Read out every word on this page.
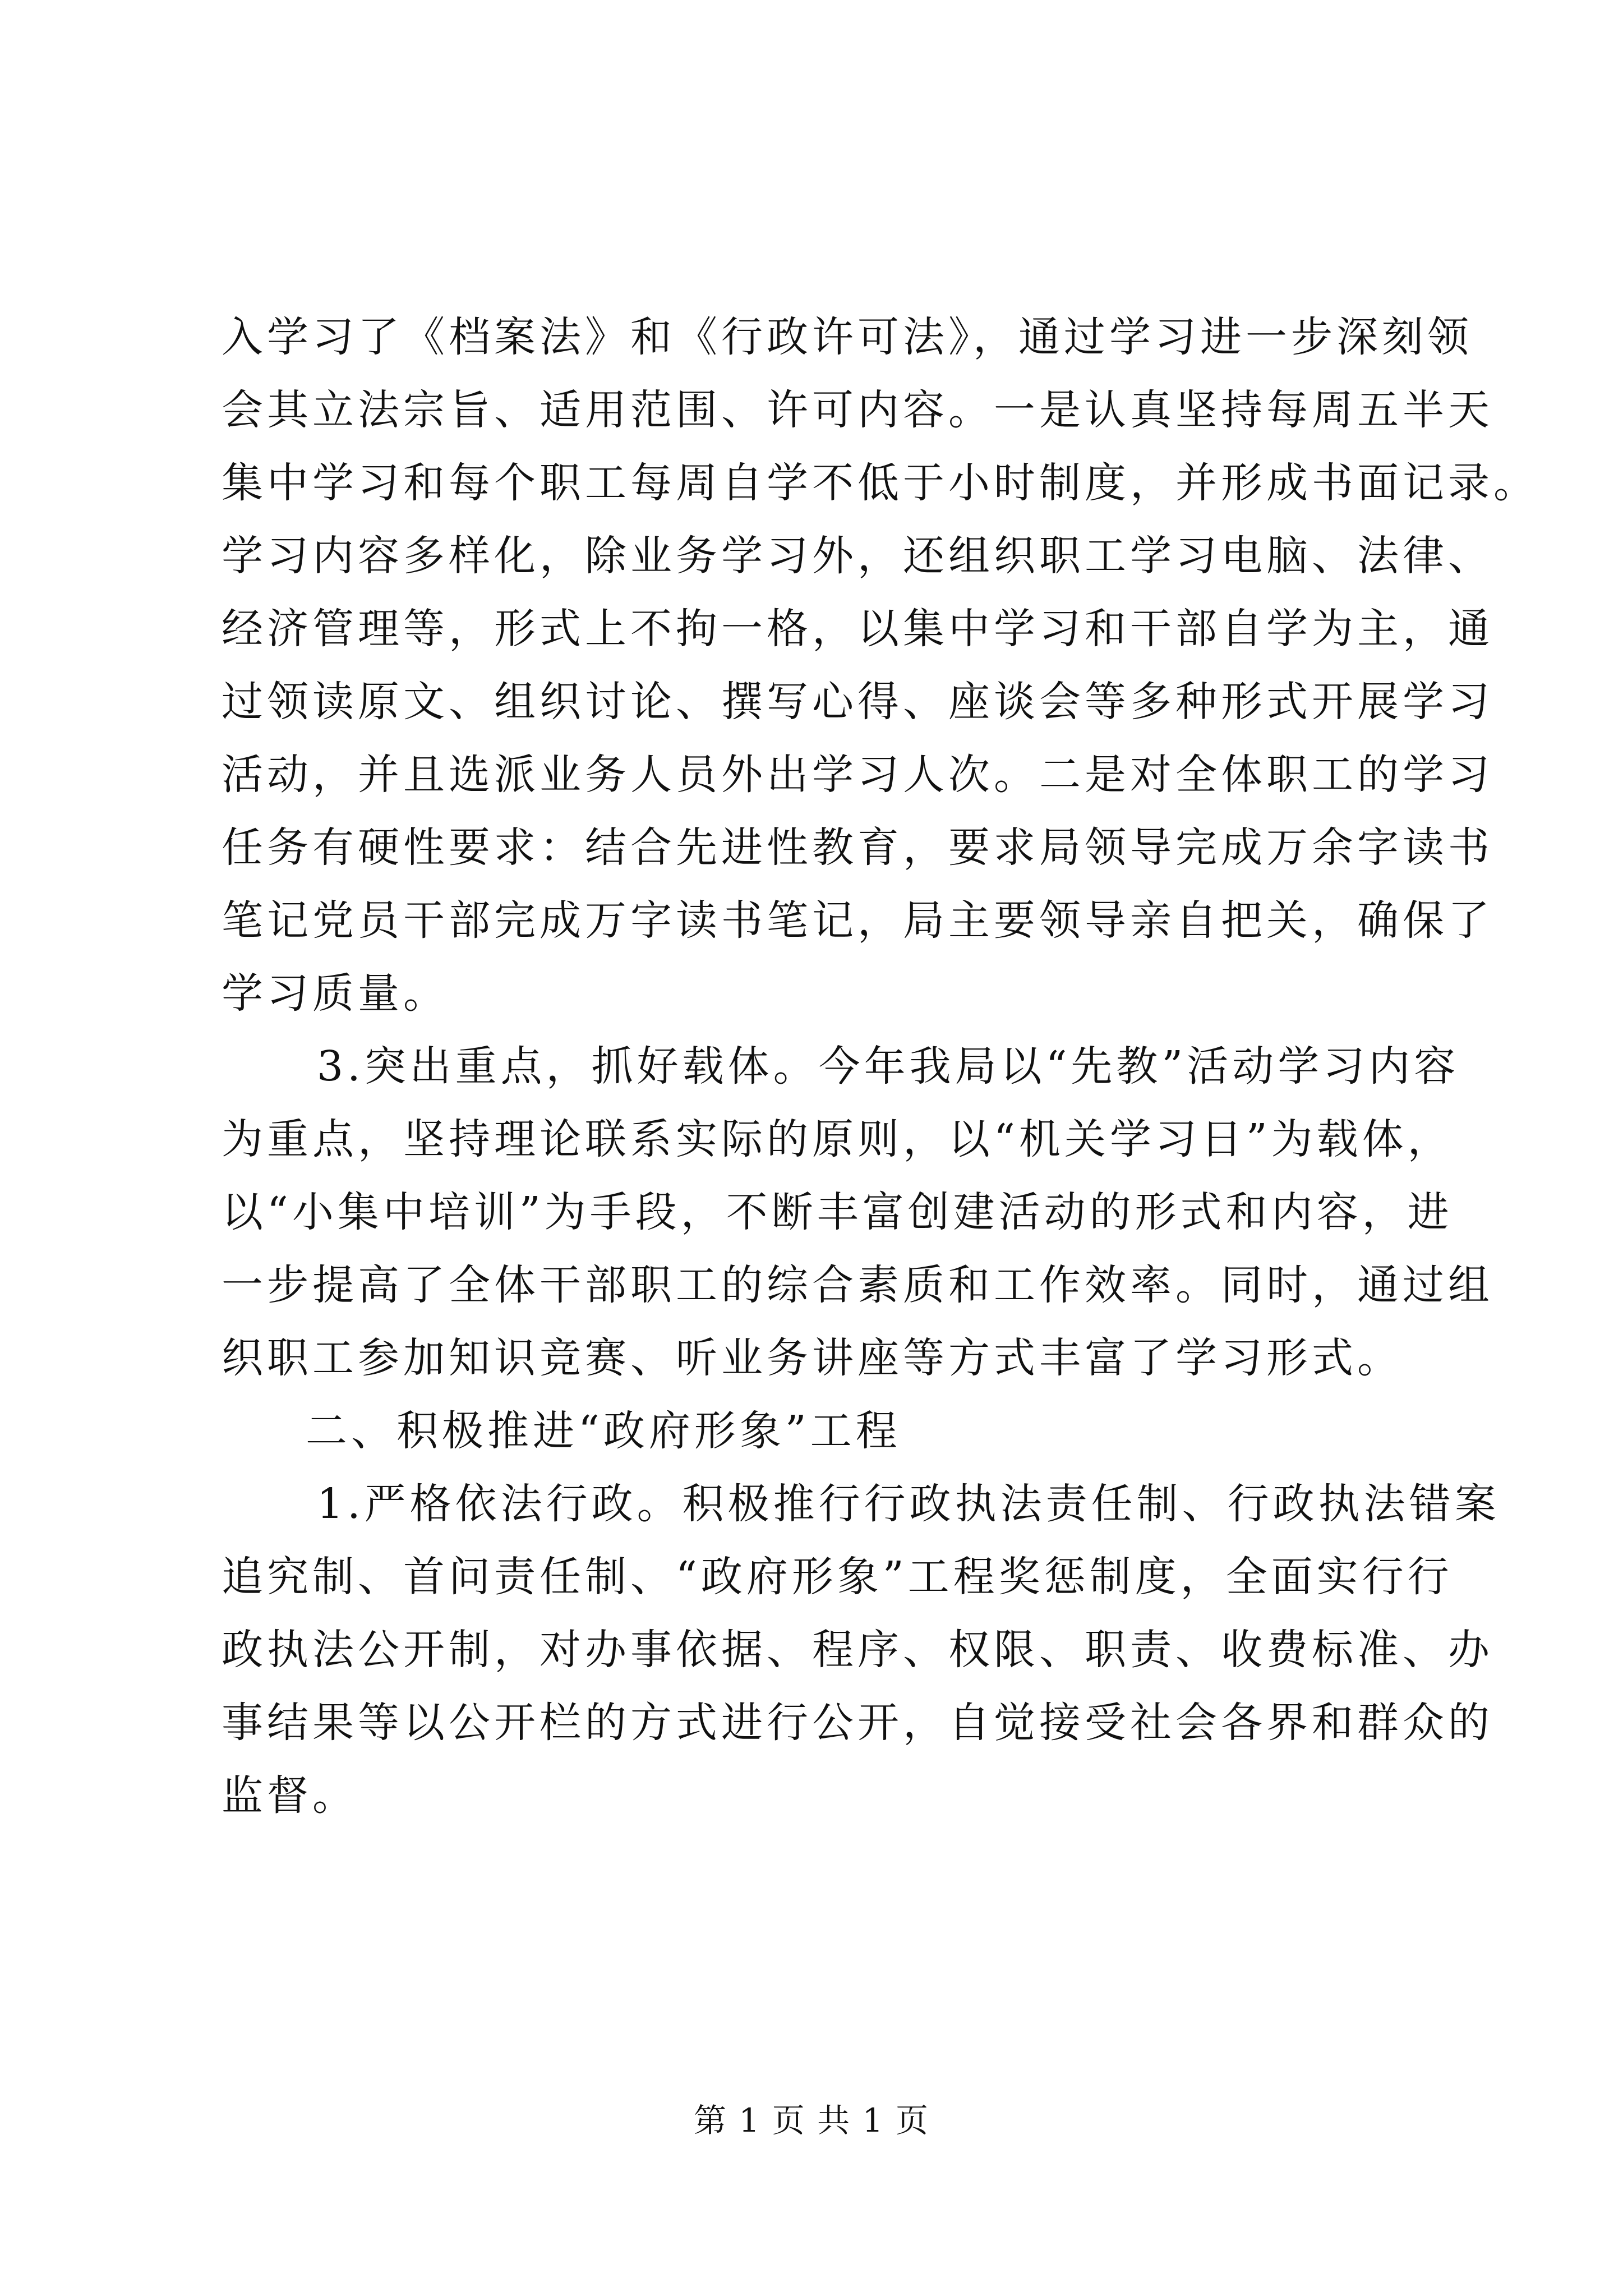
入学习了《档案法》和《行政许可法》，通过学习进一步深刻领
会其立法宗旨、适用范围、许可内容。一是认真坚持每周五半天
集中学习和每个职工每周自学不低于小时制度，并形成书面记录。
学习内容多样化，除业务学习外，还组织职工学习电脑、法律、
经济管理等，形式上不拘一格，以集中学习和干部自学为主，通
过领读原文、组织讨论、撰写心得、座谈会等多种形式开展学习
活动，并且选派业务人员外出学习人次。二是对全体职工的学习
任务有硬性要求：结合先进性教育，要求局领导完成万余字读书
笔记党员干部完成万字读书笔记，局主要领导亲自把关，确保了
学习质量。
3.突出重点，抓好载体。今年我局以“先教”活动学习内容
为重点，坚持理论联系实际的原则，以“机关学习日”为载体，
以“小集中培训”为手段，不断丰富创建活动的形式和内容，进
一步提高了全体干部职工的综合素质和工作效率。同时，通过组
织职工参加知识竞赛、听业务讲座等方式丰富了学习形式。
二、积极推进“政府形象”工程
1.严格依法行政。积极推行行政执法责任制、行政执法错案
追究制、首问责任制、“政府形象”工程奖惩制度，全面实行行
政执法公开制，对办事依据、程序、权限、职责、收费标准、办
事结果等以公开栏的方式进行公开，自觉接受社会各界和群众的
监督。
第 1 页 共 1 页
